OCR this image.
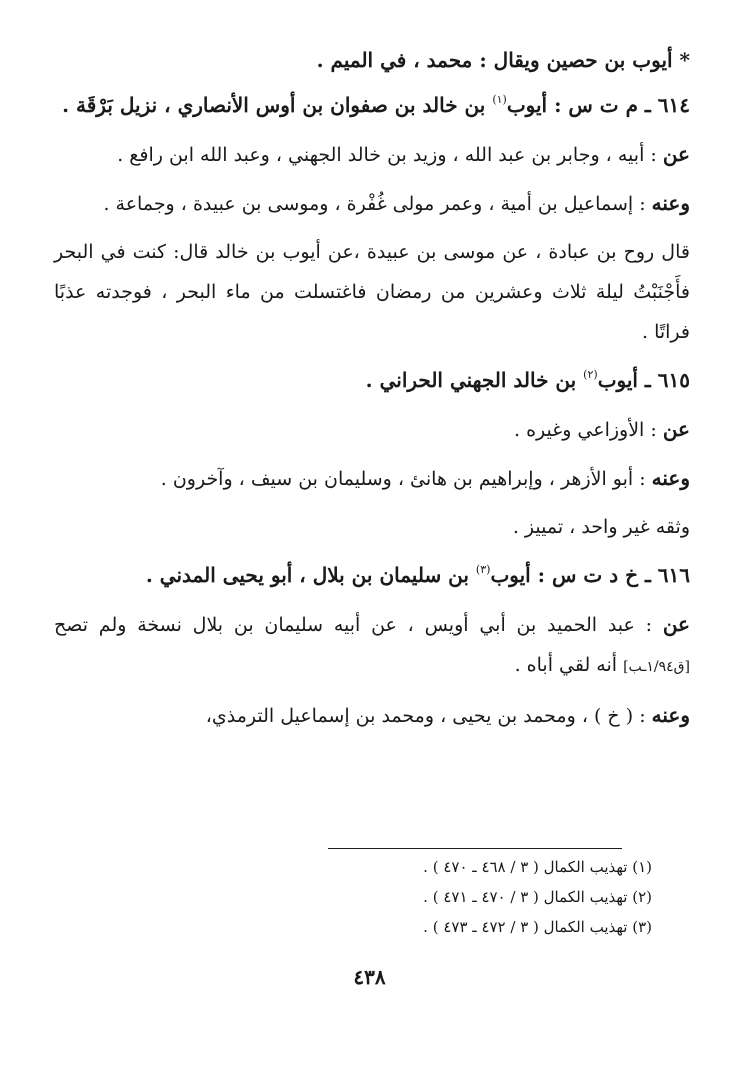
* أيوب بن حصين ويقال : محمد ، في الميم .

٦١٤ ـ م ت س : أيوب$^{(١)}$ بن خالد بن صفوان بن أوس الأنصاري ، نزيل بَرْقَة .

عن : أبيه ، وجابر بن عبد الله ، وزيد بن خالد الجهني ، وعبد الله ابن رافع .

وعنه : إسماعيل بن أمية ، وعمر مولى غُفْرة ، وموسى بن عبيدة ، وجماعة .

قال روح بن عبادة ، عن موسى بن عبيدة ،عن أيوب بن خالد قال: كنت في البحر فأَجْنَبْتُ ليلة ثلاث وعشرين من رمضان فاغتسلت من ماء البحر ، فوجدته عذبًا فراتًا .

٦١٥ ـ أيوب$^{(٢)}$ بن خالد الجهني الحراني .

عن : الأوزاعي وغيره .

وعنه : أبو الأزهر ، وإبراهيم بن هانئ ، وسليمان بن سيف ، وآخرون .

وثقه غير واحد ، تمييز .

٦١٦ ـ خ د ت س : أيوب$^{(٣)}$ بن سليمان بن بلال ، أبو يحيى المدني .

عن : عبد الحميد بن أبي أويس ، عن أبيه سليمان بن بلال نسخة ولم تصح [ق١/٩٤ـب] أنه لقي أباه .

وعنه : ( خ ) ، ومحمد بن يحيى ، ومحمد بن إسماعيل الترمذي،

(١) تهذيب الكمال ( ٣ / ٤٦٨ ـ ٤٧٠ ) .
(٢) تهذيب الكمال ( ٣ / ٤٧٠ ـ ٤٧١ ) .
(٣) تهذيب الكمال ( ٣ / ٤٧٢ ـ ٤٧٣ ) .
٤٣٨
